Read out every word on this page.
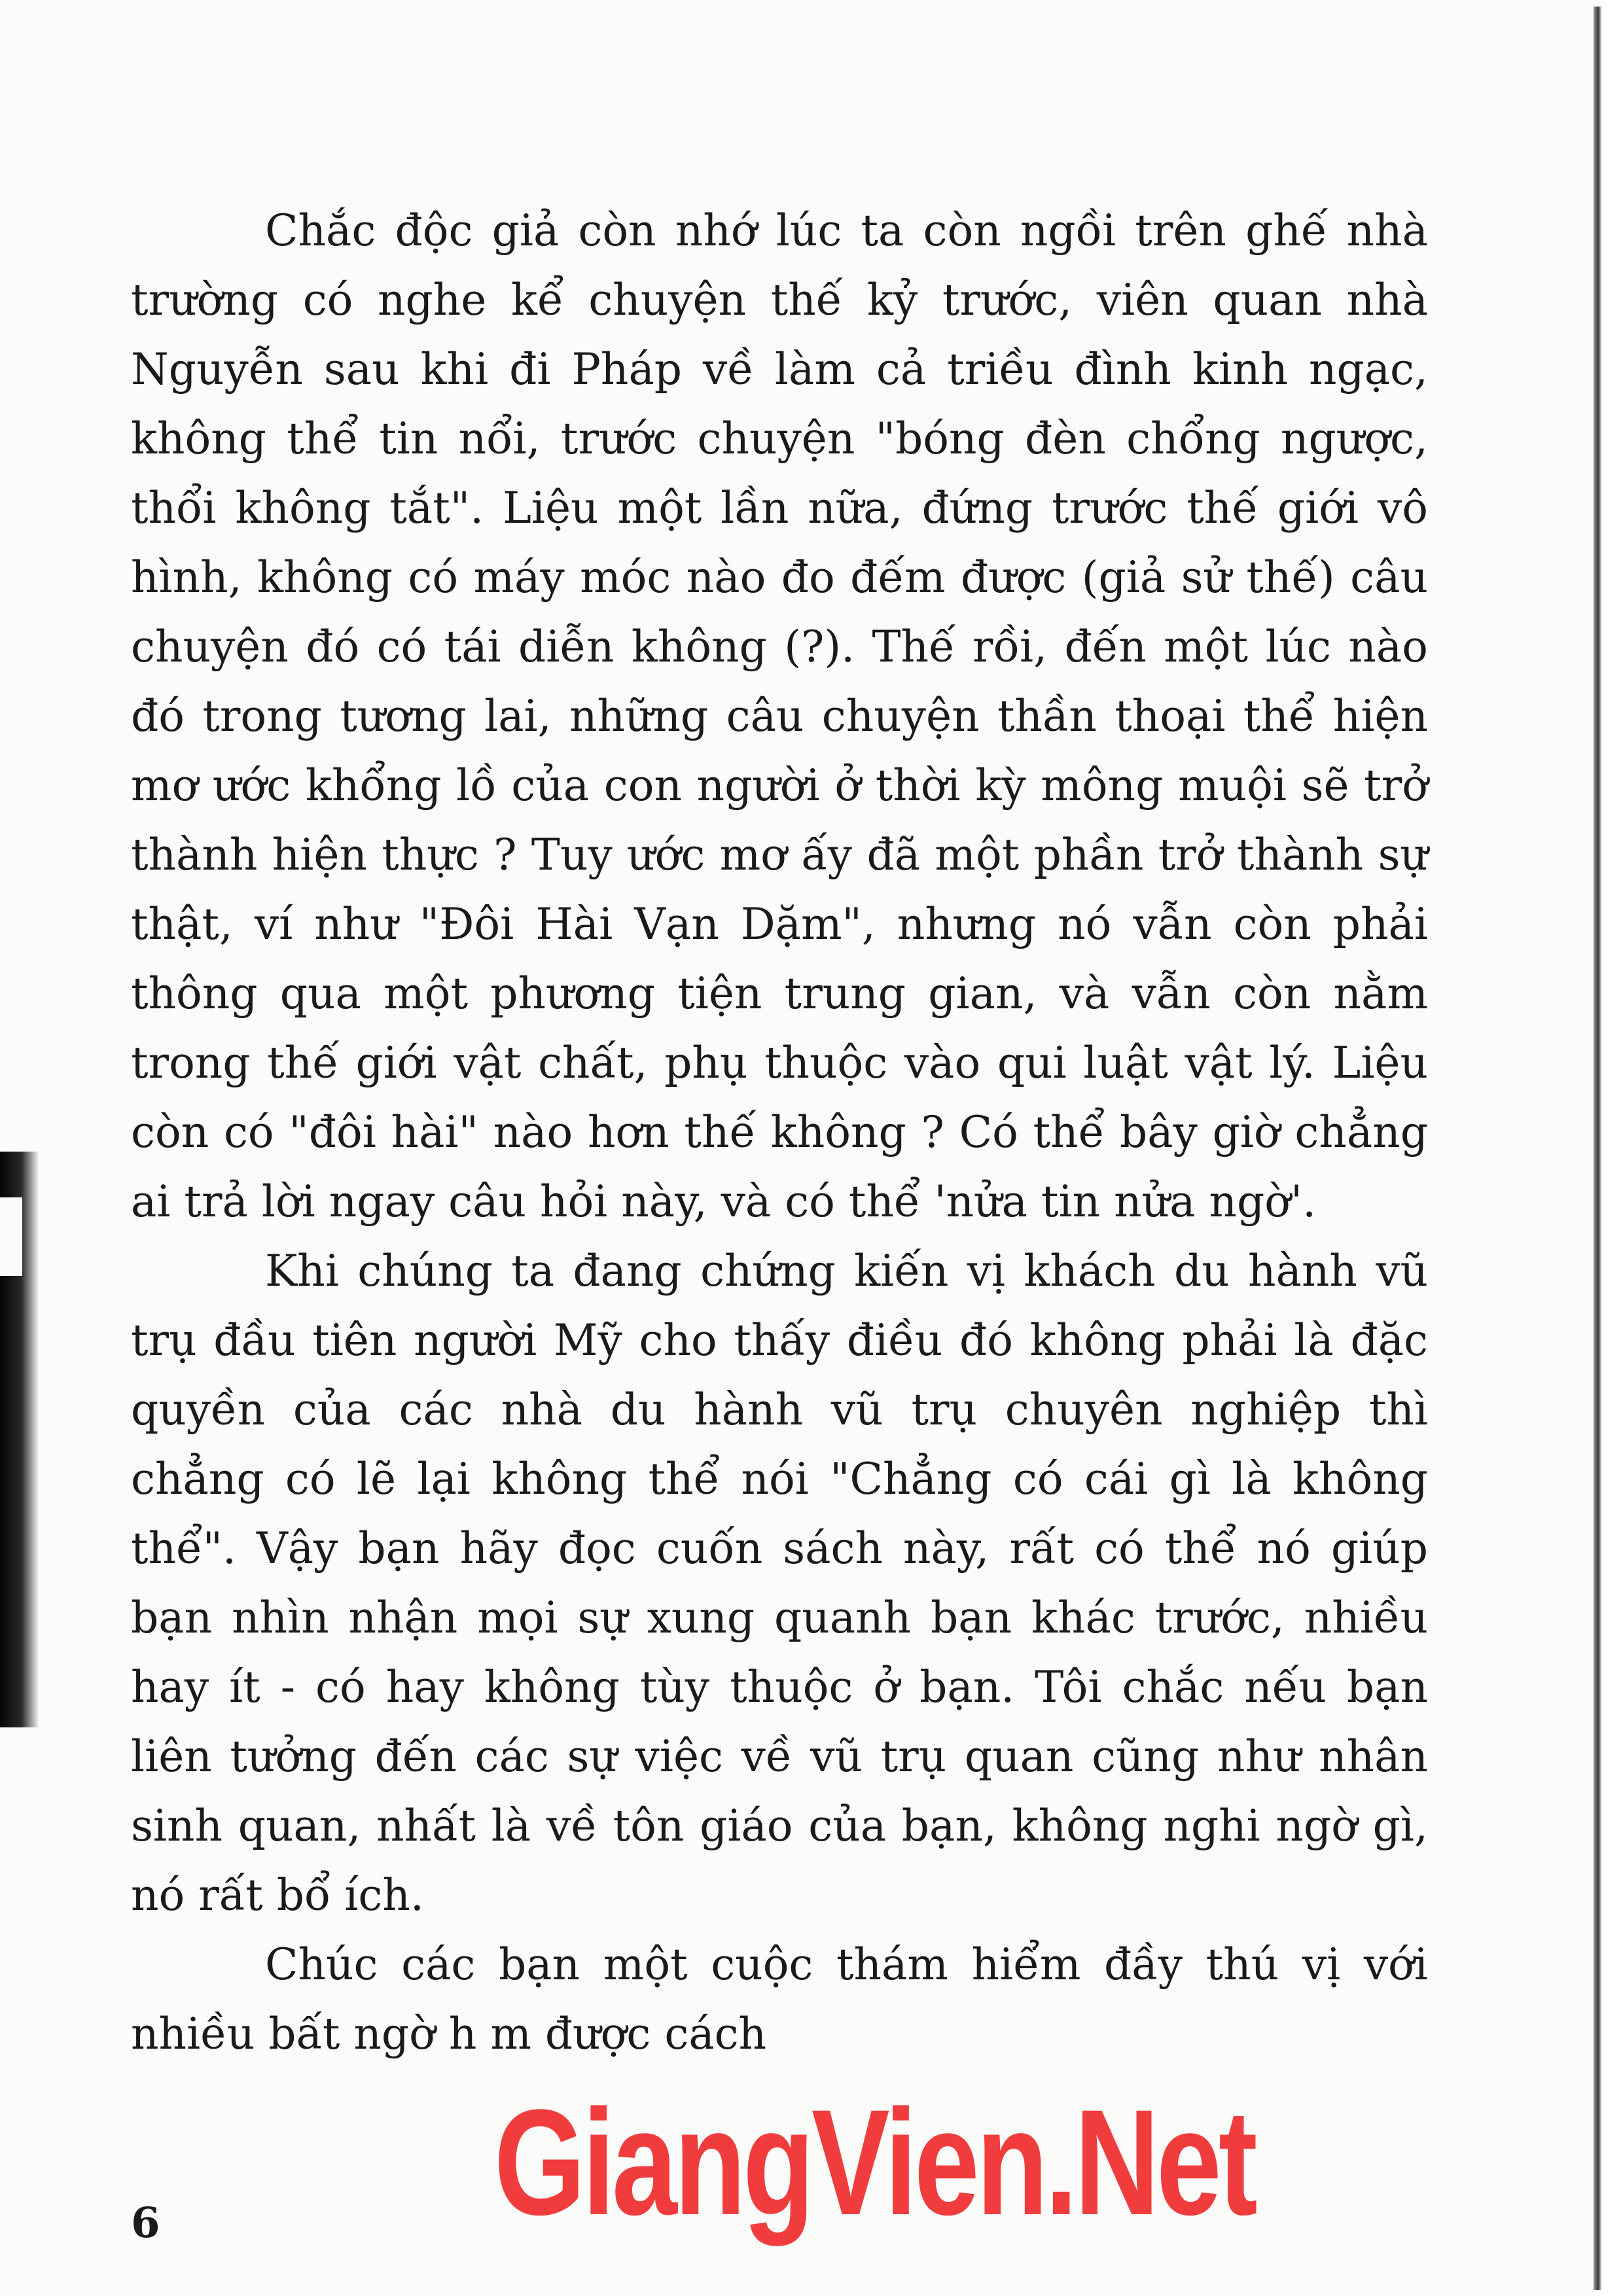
Chắc độc giả còn nhớ lúc ta còn ngồi trên ghế nhà trường có nghe kể chuyện thế kỷ trước, viên quan nhà Nguyễn sau khi đi Pháp về làm cả triều đình kinh ngạc, không thể tin nổi, trước chuyện "bóng đèn chổng ngược, thổi không tắt". Liệu một lần nữa, đứng trước thế giới vô hình, không có máy móc nào đo đếm được (giả sử thế) câu chuyện đó có tái diễn không (?). Thế rồi, đến một lúc nào đó trong tương lai, những câu chuyện thần thoại thể hiện mơ ước khổng lồ của con người ở thời kỳ mông muội sẽ trở thành hiện thực ? Tuy ước mơ ấy đã một phần trở thành sự thật, ví như "Đôi Hài Vạn Dặm", nhưng nó vẫn còn phải thông qua một phương tiện trung gian, và vẫn còn nằm trong thế giới vật chất, phụ thuộc vào qui luật vật lý. Liệu còn có "đôi hài" nào hơn thế không ? Có thể bây giờ chẳng ai trả lời ngay câu hỏi này, và có thể 'nửa tin nửa ngờ'.

Khi chúng ta đang chứng kiến vị khách du hành vũ trụ đầu tiên người Mỹ cho thấy điều đó không phải là đặc quyền của các nhà du hành vũ trụ chuyên nghiệp thì chẳng có lẽ lại không thể nói "Chẳng có cái gì là không thể". Vậy bạn hãy đọc cuốn sách này, rất có thể nó giúp bạn nhìn nhận mọi sự xung quanh bạn khác trước, nhiều hay ít - có hay không tùy thuộc ở bạn. Tôi chắc nếu bạn liên tưởng đến các sự việc về vũ trụ quan cũng như nhân sinh quan, nhất là về tôn giáo của bạn, không nghi ngờ gì, nó rất bổ ích.

Chúc các bạn một cuộc thám hiểm đầy thú vị với nhiều bất ngờ h m được cách

GiangVien.Net
6
